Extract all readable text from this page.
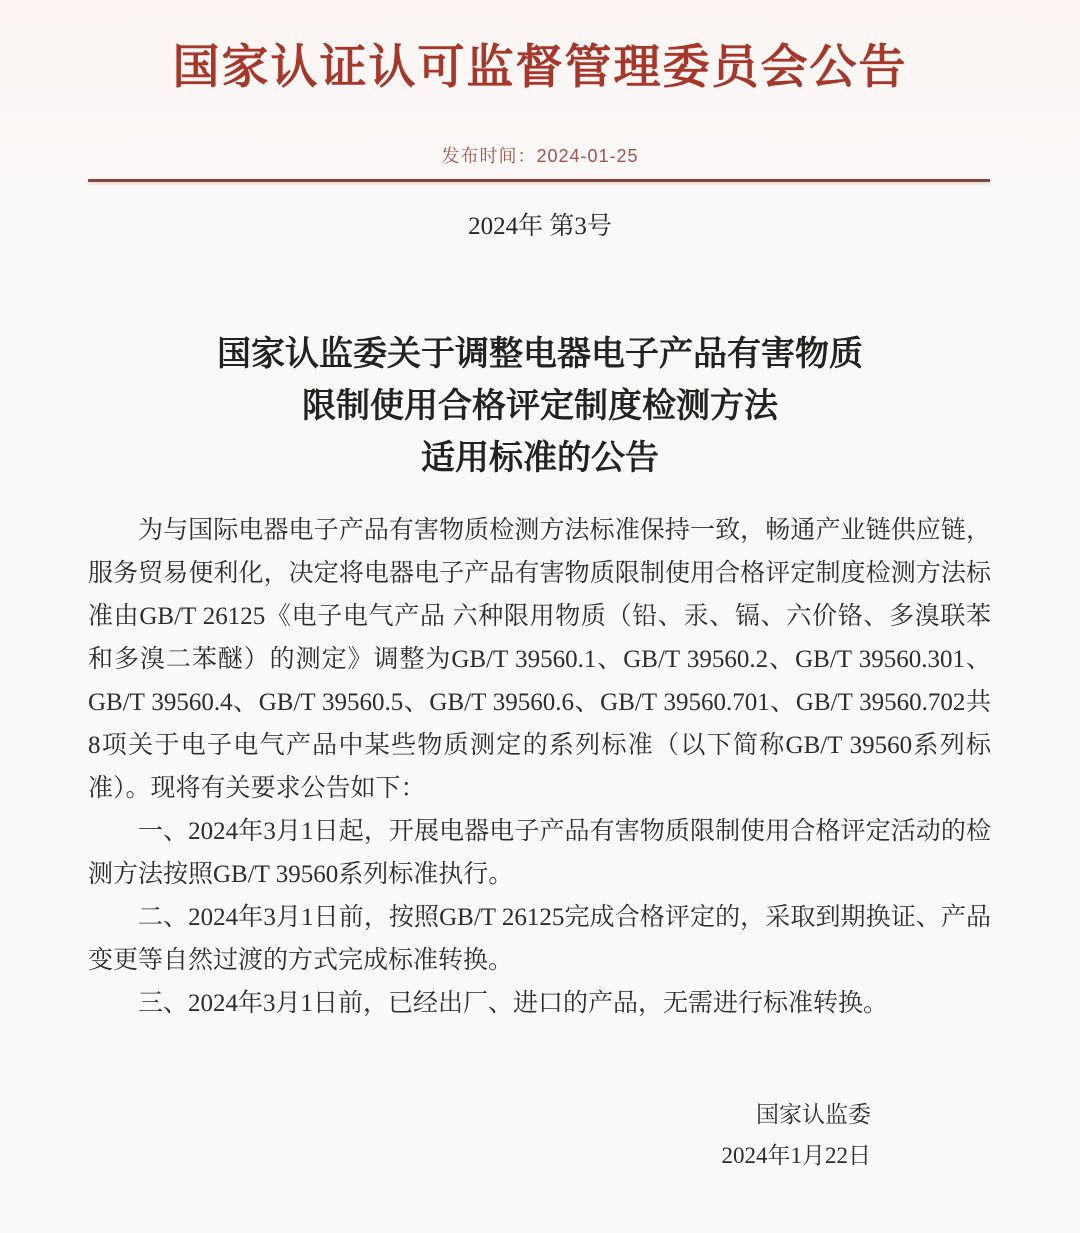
国家认证认可监督管理委员会公告
发布时间：2024-01-25
2024年 第3号
国家认监委关于调整电器电子产品有害物质
限制使用合格评定制度检测方法
适用标准的公告

为与国际电器电子产品有害物质检测方法标准保持一致，畅通产业链供应链，服务贸易便利化，决定将电器电子产品有害物质限制使用合格评定制度检测方法标准由GB/T 26125《电子电气产品 六种限用物质（铅、汞、镉、六价铬、多溴联苯和多溴二苯醚）的测定》调整为GB/T 39560.1、GB/T 39560.2、GB/T 39560.301、GB/T 39560.4、GB/T 39560.5、GB/T 39560.6、GB/T 39560.701、GB/T 39560.702共8项关于电子电气产品中某些物质测定的系列标准（以下简称GB/T 39560系列标准）。现将有关要求公告如下：

一、2024年3月1日起，开展电器电子产品有害物质限制使用合格评定活动的检测方法按照GB/T 39560系列标准执行。

二、2024年3月1日前，按照GB/T 26125完成合格评定的，采取到期换证、产品变更等自然过渡的方式完成标准转换。

三、2024年3月1日前，已经出厂、进口的产品，无需进行标准转换。

国家认监委
2024年1月22日
